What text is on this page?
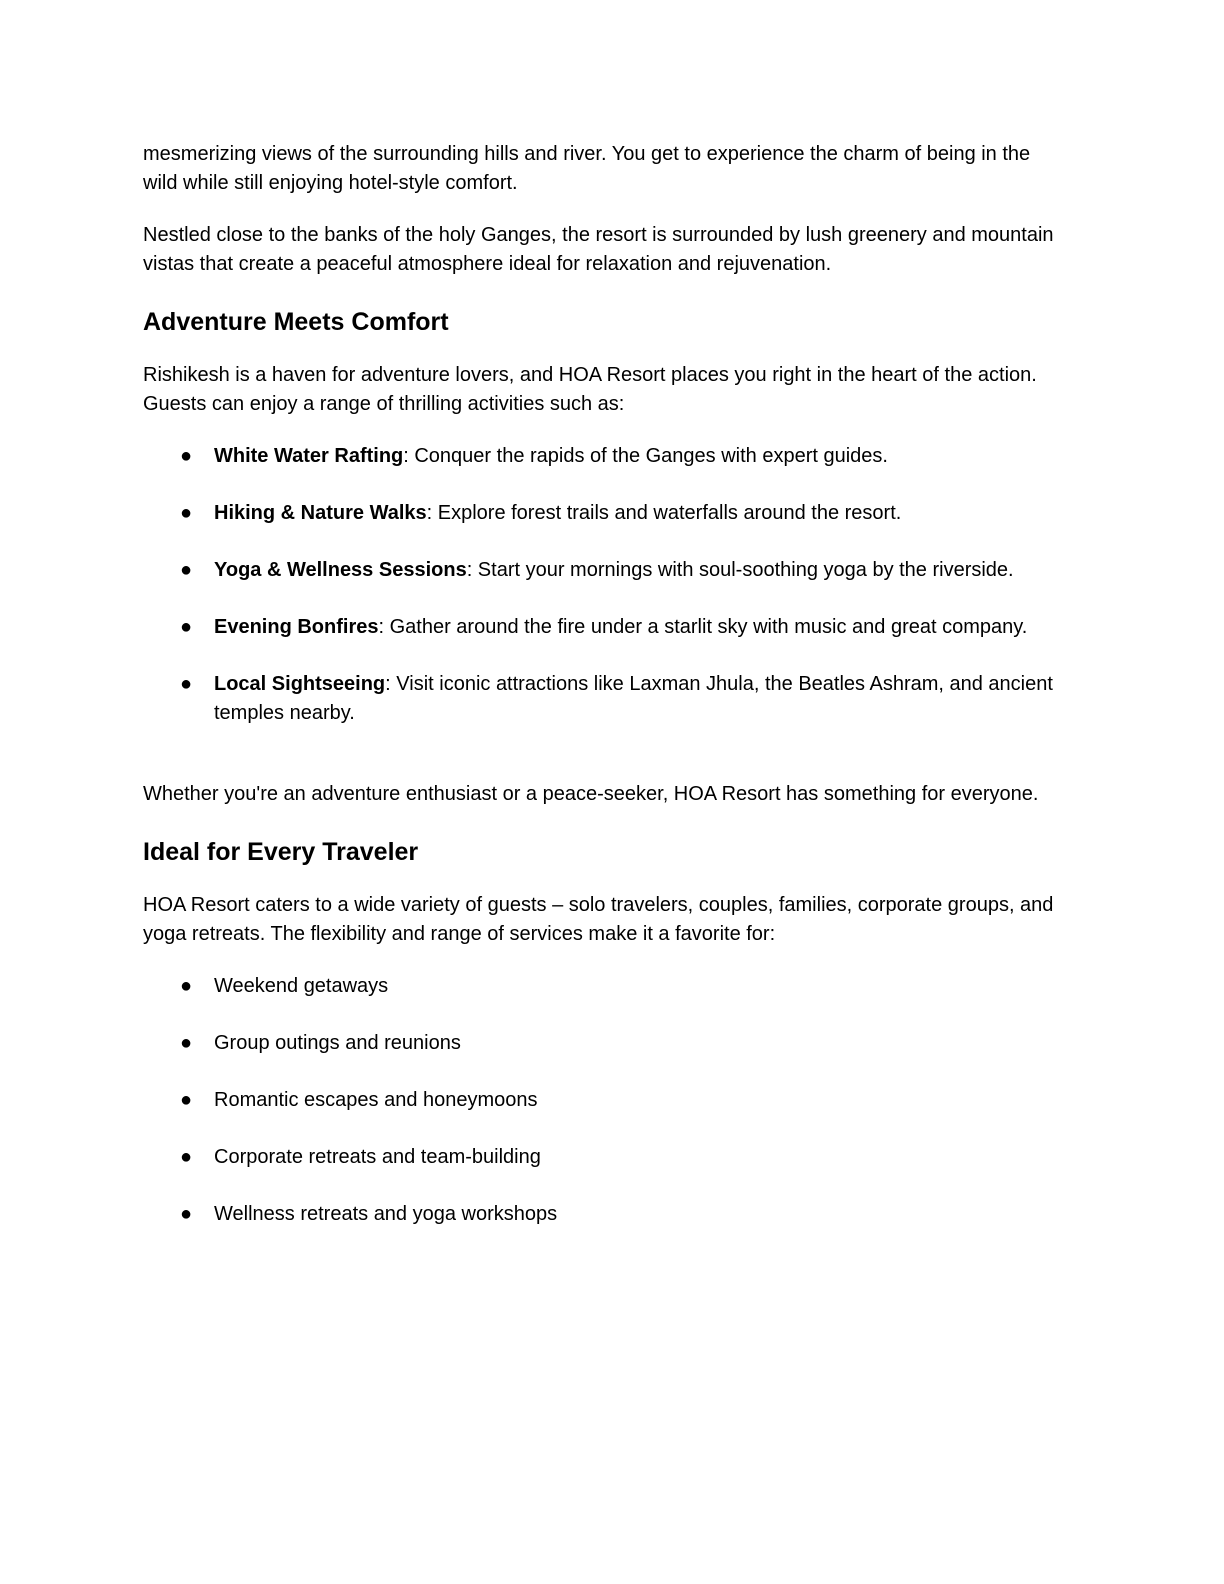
mesmerizing views of the surrounding hills and river. You get to experience the charm of being in the wild while still enjoying hotel-style comfort.

Nestled close to the banks of the holy Ganges, the resort is surrounded by lush greenery and mountain vistas that create a peaceful atmosphere ideal for relaxation and rejuvenation.

Adventure Meets Comfort

Rishikesh is a haven for adventure lovers, and HOA Resort places you right in the heart of the action. Guests can enjoy a range of thrilling activities such as:

● White Water Rafting: Conquer the rapids of the Ganges with expert guides.
● Hiking & Nature Walks: Explore forest trails and waterfalls around the resort.
● Yoga & Wellness Sessions: Start your mornings with soul-soothing yoga by the riverside.
● Evening Bonfires: Gather around the fire under a starlit sky with music and great company.
● Local Sightseeing: Visit iconic attractions like Laxman Jhula, the Beatles Ashram, and ancient temples nearby.

Whether you're an adventure enthusiast or a peace-seeker, HOA Resort has something for everyone.

Ideal for Every Traveler

HOA Resort caters to a wide variety of guests – solo travelers, couples, families, corporate groups, and yoga retreats. The flexibility and range of services make it a favorite for:

● Weekend getaways
● Group outings and reunions
● Romantic escapes and honeymoons
● Corporate retreats and team-building
● Wellness retreats and yoga workshops
